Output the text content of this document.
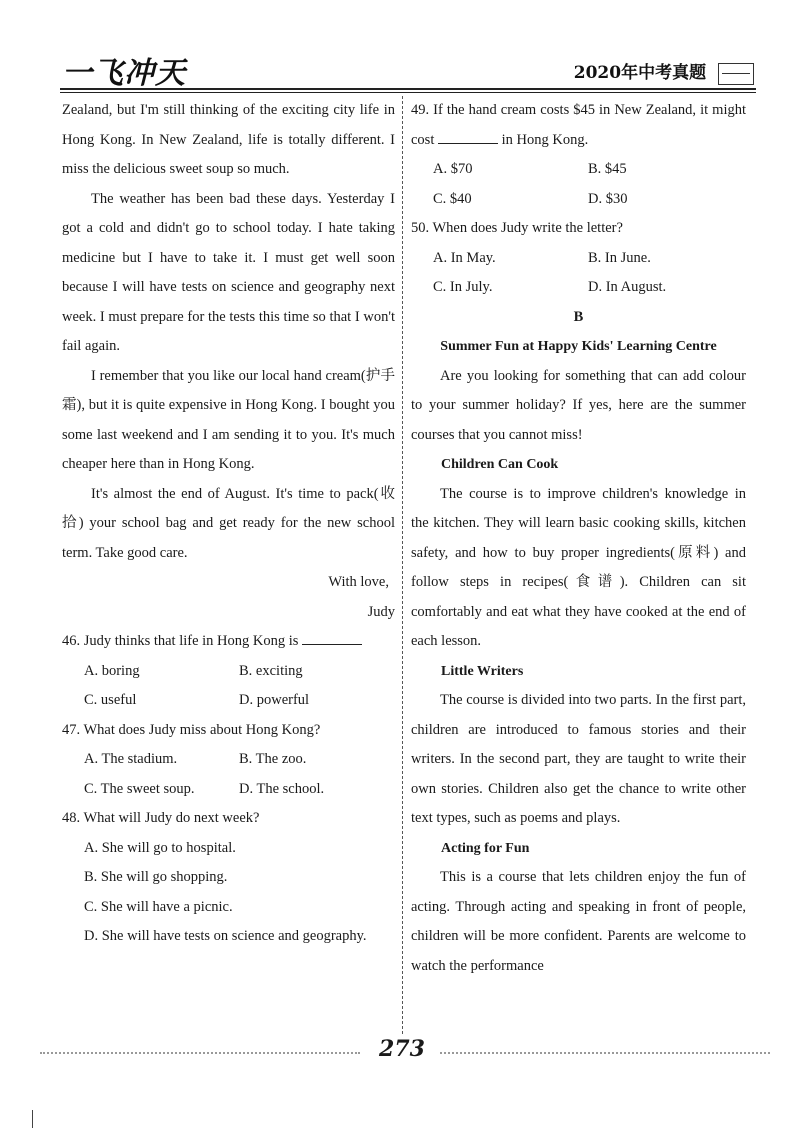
一飞冲天	2020年中考真题

Zealand, but I'm still thinking of the exciting city life in Hong Kong. In New Zealand, life is totally different. I miss the delicious sweet soup so much.

The weather has been bad these days. Yesterday I got a cold and didn't go to school today. I hate taking medicine but I have to take it. I must get well soon because I will have tests on science and geography next week. I must prepare for the tests this time so that I won't fail again.

I remember that you like our local hand cream(护手霜), but it is quite expensive in Hong Kong. I bought you some last weekend and I am sending it to you. It's much cheaper here than in Hong Kong.

It's almost the end of August. It's time to pack(收拾) your school bag and get ready for the new school term. Take good care.

With love,

Judy

46. Judy thinks that life in Hong Kong is

A. boring	B. exciting
C. useful	D. powerful

47. What does Judy miss about Hong Kong?

A. The stadium.	B. The zoo.
C. The sweet soup.	D. The school.

48. What will Judy do next week?

A. She will go to hospital.

B. She will go shopping.

C. She will have a picnic.

D. She will have tests on science and geography.

49. If the hand cream costs $45 in New Zealand, it might cost	in Hong Kong.

A. $70	B. $45
C. $40	D. $30

50. When does Judy write the letter?

A. In May.	B. In June.
C. In July.	D. In August.

B

Summer Fun at Happy Kids' Learning Centre

Are you looking for something that can add colour to your summer holiday? If yes, here are the summer courses that you cannot miss!

Children Can Cook

The course is to improve children's knowledge in the kitchen. They will learn basic cooking skills, kitchen safety, and how to buy proper ingredients(原料) and follow steps in recipes(食谱). Children can sit comfortably and eat what they have cooked at the end of each lesson.

Little Writers

The course is divided into two parts. In the first part, children are introduced to famous stories and their writers. In the second part, they are taught to write their own stories. Children also get the chance to write other text types, such as poems and plays.

Acting for Fun

This is a course that lets children enjoy the fun of acting. Through acting and speaking in front of people, children will be more confident. Parents are welcome to watch the performance

273
